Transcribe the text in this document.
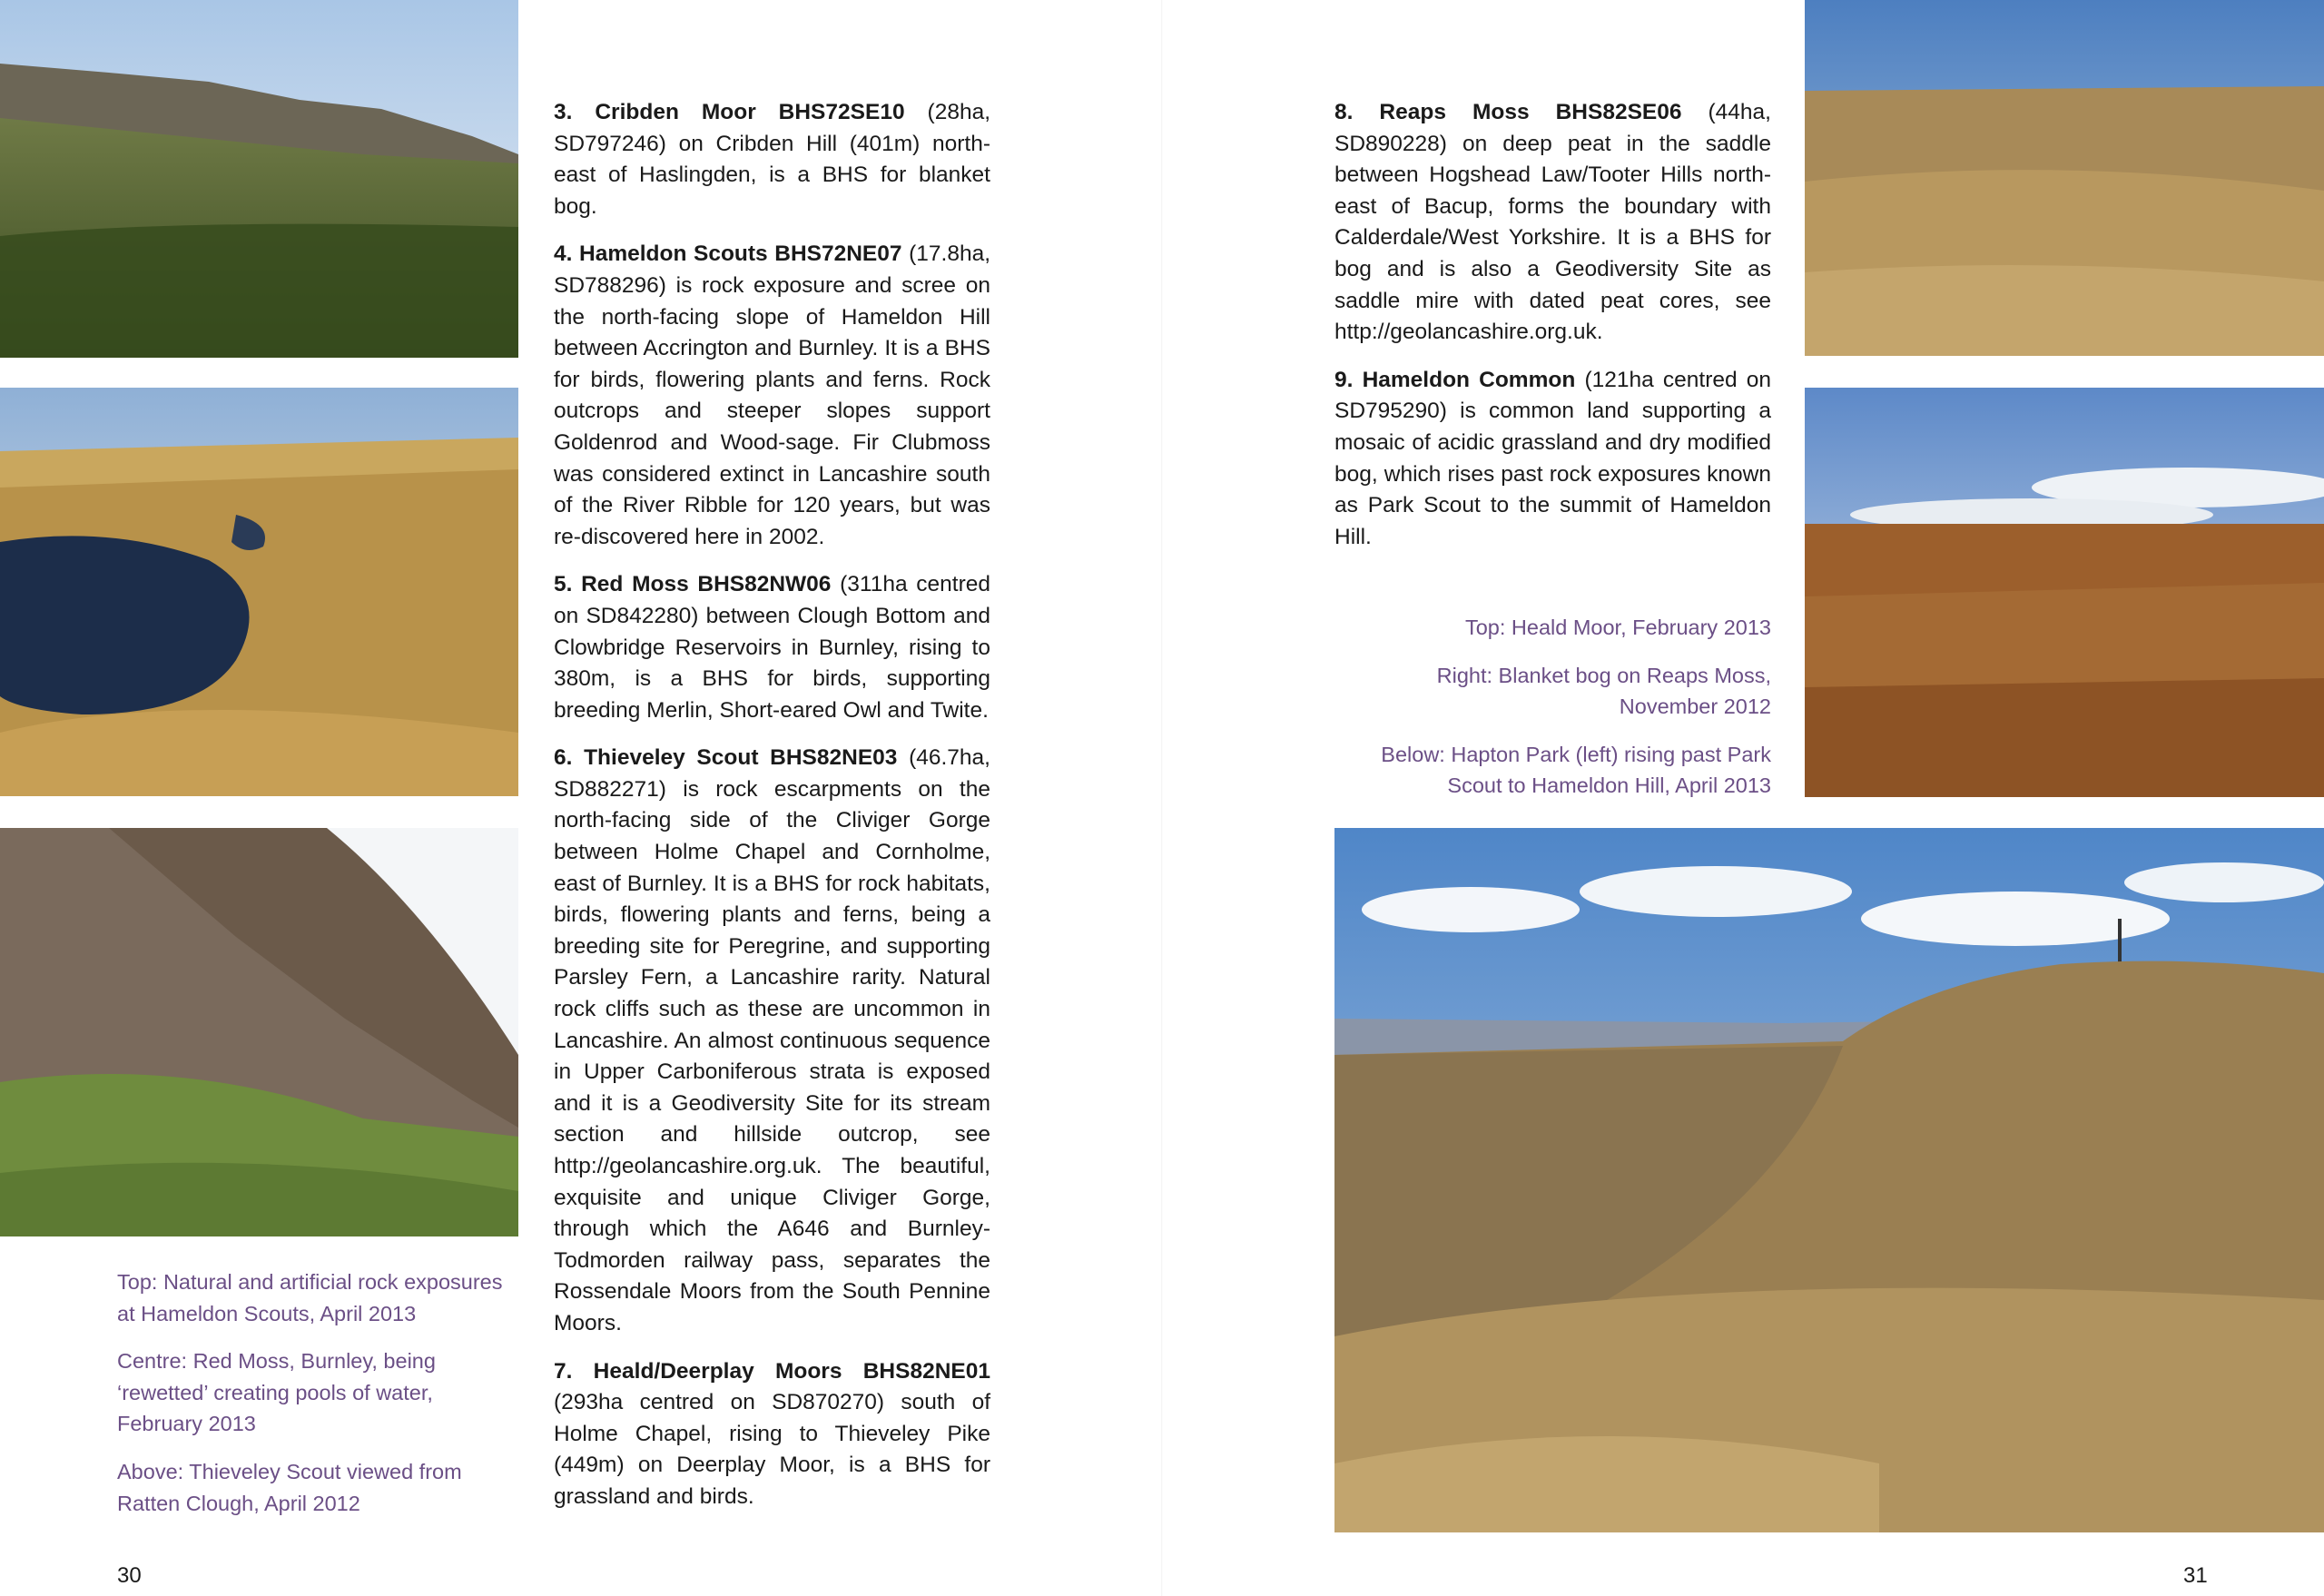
3. Cribden Moor BHS72SE10 (28ha, SD797246) on Cribden Hill (401m) north-east of Haslingden, is a BHS for blanket bog.

4. Hameldon Scouts BHS72NE07 (17.8ha, SD788296) is rock exposure and scree on the north-facing slope of Hameldon Hill between Accrington and Burnley. It is a BHS for birds, flowering plants and ferns. Rock outcrops and steeper slopes support Goldenrod and Wood-sage. Fir Clubmoss was considered extinct in Lancashire south of the River Ribble for 120 years, but was re-discovered here in 2002.

5. Red Moss BHS82NW06 (311ha centred on SD842280) between Clough Bottom and Clowbridge Reservoirs in Burnley, rising to 380m, is a BHS for birds, supporting breeding Merlin, Short-eared Owl and Twite.

6. Thieveley Scout BHS82NE03 (46.7ha, SD882271) is rock escarpments on the north-facing side of the Cliviger Gorge between Holme Chapel and Cornholme, east of Burnley. It is a BHS for rock habitats, birds, flowering plants and ferns, being a breeding site for Peregrine, and supporting Parsley Fern, a Lancashire rarity. Natural rock cliffs such as these are uncommon in Lancashire. An almost continuous sequence in Upper Carboniferous strata is exposed and it is a Geodiversity Site for its stream section and hillside outcrop, see http://geolancashire.org.uk. The beautiful, exquisite and unique Cliviger Gorge, through which the A646 and Burnley-Todmorden railway pass, separates the Rossendale Moors from the South Pennine Moors.

7. Heald/Deerplay Moors BHS82NE01 (293ha centred on SD870270) south of Holme Chapel, rising to Thieveley Pike (449m) on Deerplay Moor, is a BHS for grassland and birds.

Top: Natural and artificial rock exposures at Hameldon Scouts, April 2013

Centre: Red Moss, Burnley, being ‘rewetted’ creating pools of water, February 2013

Above: Thieveley Scout viewed from Ratten Clough, April 2012

30

8. Reaps Moss BHS82SE06 (44ha, SD890228) on deep peat in the saddle between Hogshead Law/Tooter Hills north-east of Bacup, forms the boundary with Calderdale/West Yorkshire. It is a BHS for bog and is also a Geodiversity Site as saddle mire with dated peat cores, see http://geolancashire.org.uk.

9. Hameldon Common (121ha centred on SD795290) is common land supporting a mosaic of acidic grassland and dry modified bog, which rises past rock exposures known as Park Scout to the summit of Hameldon Hill.

Top: Heald Moor, February 2013

Right: Blanket bog on Reaps Moss, November 2012

Below: Hapton Park (left) rising past Park Scout to Hameldon Hill, April 2013

31
